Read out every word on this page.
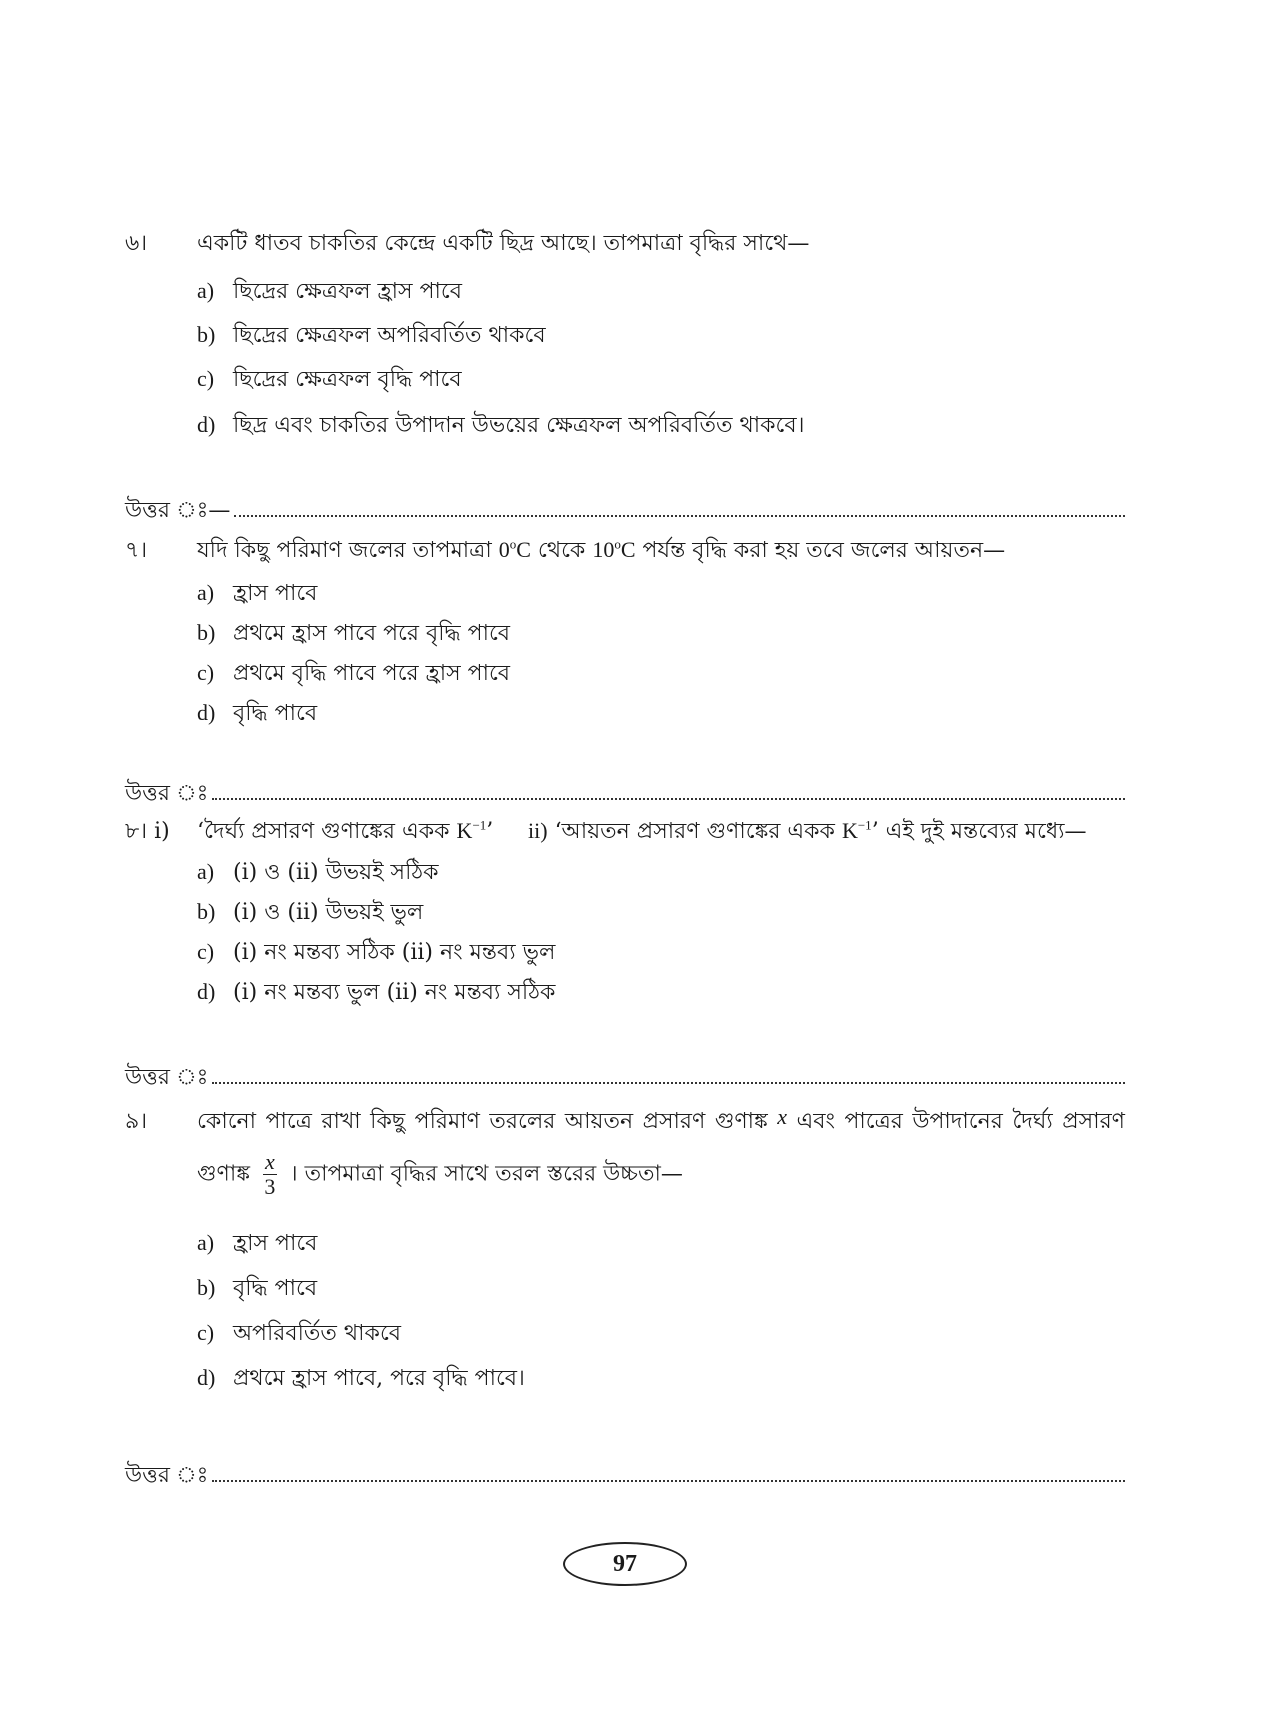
৬। একটি ধাতব চাকতির কেন্দ্রে একটি ছিদ্র আছে। তাপমাত্রা বৃদ্ধির সাথে—
a) ছিদ্রের ক্ষেত্রফল হ্রাস পাবে
b) ছিদ্রের ক্ষেত্রফল অপরিবর্তিত থাকবে
c) ছিদ্রের ক্ষেত্রফল বৃদ্ধি পাবে
d) ছিদ্র এবং চাকতির উপাদান উভয়ের ক্ষেত্রফল অপরিবর্তিত থাকবে।
উত্তর ঃ—
৭। যদি কিছু পরিমাণ জলের তাপমাত্রা 0$^o$C থেকে 10$^o$C পর্যন্ত বৃদ্ধি করা হয় তবে জলের আয়তন—
a) হ্রাস পাবে
b) প্রথমে হ্রাস পাবে পরে বৃদ্ধি পাবে
c) প্রথমে বৃদ্ধি পাবে পরে হ্রাস পাবে
d) বৃদ্ধি পাবে
উত্তর ঃ
৮। i) ‘দৈর্ঘ্য প্রসারণ গুণাঙ্কের একক $K^{-1}$’ ii) ‘আয়তন প্রসারণ গুণাঙ্কের একক $K^{-1}$’ এই দুই মন্তব্যের মধ্যে—
a) (i) ও (ii) উভয়ই সঠিক
b) (i) ও (ii) উভয়ই ভুল
c) (i) নং মন্তব্য সঠিক (ii) নং মন্তব্য ভুল
d) (i) নং মন্তব্য ভুল (ii) নং মন্তব্য সঠিক
উত্তর ঃ
৯। কোনো পাত্রে রাখা কিছু পরিমাণ তরলের আয়তন প্রসারণ গুণাঙ্ক x এবং পাত্রের উপাদানের দৈর্ঘ্য প্রসারণ
গুণাঙ্ক $\frac{x}{3}$ । তাপমাত্রা বৃদ্ধির সাথে তরল স্তরের উচ্চতা—
a) হ্রাস পাবে
b) বৃদ্ধি পাবে
c) অপরিবর্তিত থাকবে
d) প্রথমে হ্রাস পাবে, পরে বৃদ্ধি পাবে।
উত্তর ঃ
97
